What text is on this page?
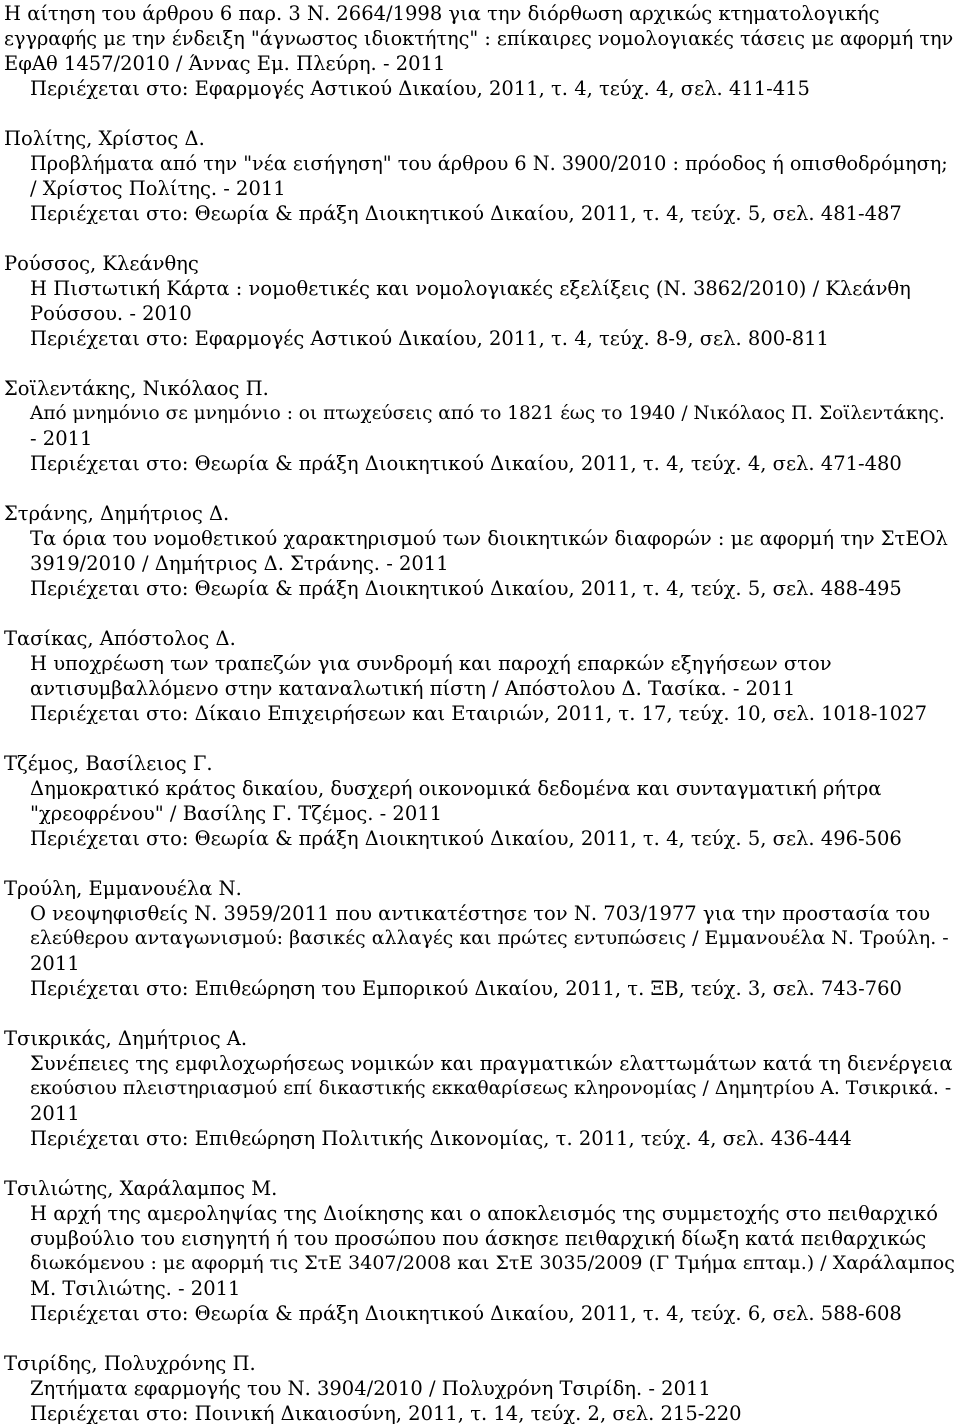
Η αίτηση του άρθρου 6 παρ. 3 Ν. 2664/1998 για την διόρθωση αρχικώς κτηματολογικής
εγγραφής με την ένδειξη "άγνωστος ιδιοκτήτης" : επίκαιρες νομολογιακές τάσεις με αφορμή την
ΕφΑθ 1457/2010 / Άννας Εμ. Πλεύρη. - 2011
Περιέχεται στο: Εφαρμογές Αστικού Δικαίου, 2011, τ. 4, τεύχ. 4, σελ. 411-415
Πολίτης, Χρίστος Δ.
Προβλήματα από την "νέα εισήγηση" του άρθρου 6 Ν. 3900/2010 : πρόοδος ή οπισθοδρόμηση;
/ Χρίστος Πολίτης. - 2011
Περιέχεται στο: Θεωρία & πράξη Διοικητικού Δικαίου, 2011, τ. 4, τεύχ. 5, σελ. 481-487
Ρούσσος, Κλεάνθης
Η Πιστωτική Κάρτα : νομοθετικές και νομολογιακές εξελίξεις (Ν. 3862/2010) / Κλεάνθη
Ρούσσου. - 2010
Περιέχεται στο: Εφαρμογές Αστικού Δικαίου, 2011, τ. 4, τεύχ. 8-9, σελ. 800-811
Σοϊλεντάκης, Νικόλαος Π.
Από μνημόνιο σε μνημόνιο : οι πτωχεύσεις από το 1821 έως το 1940 / Νικόλαος Π. Σοϊλεντάκης.
- 2011
Περιέχεται στο: Θεωρία & πράξη Διοικητικού Δικαίου, 2011, τ. 4, τεύχ. 4, σελ. 471-480
Στράνης, Δημήτριος Δ.
Τα όρια του νομοθετικού χαρακτηρισμού των διοικητικών διαφορών : με αφορμή την ΣτΕΟλ
3919/2010 / Δημήτριος Δ. Στράνης. - 2011
Περιέχεται στο: Θεωρία & πράξη Διοικητικού Δικαίου, 2011, τ. 4, τεύχ. 5, σελ. 488-495
Τασίκας, Απόστολος Δ.
Η υποχρέωση των τραπεζών για συνδρομή και παροχή επαρκών εξηγήσεων στον
αντισυμβαλλόμενο στην καταναλωτική πίστη / Απόστολου Δ. Τασίκα. - 2011
Περιέχεται στο: Δίκαιο Επιχειρήσεων και Εταιριών, 2011, τ. 17, τεύχ. 10, σελ. 1018-1027
Τζέμος, Βασίλειος Γ.
Δημοκρατικό κράτος δικαίου, δυσχερή οικονομικά δεδομένα και συνταγματική ρήτρα
"χρεοφρένου" / Βασίλης Γ. Τζέμος. - 2011
Περιέχεται στο: Θεωρία & πράξη Διοικητικού Δικαίου, 2011, τ. 4, τεύχ. 5, σελ. 496-506
Τρούλη, Εμμανουέλα Ν.
Ο νεοψηφισθείς Ν. 3959/2011 που αντικατέστησε τον Ν. 703/1977 για την προστασία του
ελεύθερου ανταγωνισμού: βασικές αλλαγές και πρώτες εντυπώσεις / Εμμανουέλα Ν. Τρούλη. -
2011
Περιέχεται στο: Επιθεώρηση του Εμπορικού Δικαίου, 2011, τ. ΞΒ, τεύχ. 3, σελ. 743-760
Τσικρικάς, Δημήτριος Α.
Συνέπειες της εμφιλοχωρήσεως νομικών και πραγματικών ελαττωμάτων κατά τη διενέργεια
εκούσιου πλειστηριασμού επί δικαστικής εκκαθαρίσεως κληρονομίας / Δημητρίου Α. Τσικρικά. -
2011
Περιέχεται στο: Επιθεώρηση Πολιτικής Δικονομίας, τ. 2011, τεύχ. 4, σελ. 436-444
Τσιλιώτης, Χαράλαμπος Μ.
Η αρχή της αμεροληψίας της Διοίκησης και ο αποκλεισμός της συμμετοχής στο πειθαρχικό
συμβούλιο του εισηγητή ή του προσώπου που άσκησε πειθαρχική δίωξη κατά πειθαρχικώς
διωκόμενου : με αφορμή τις ΣτΕ 3407/2008 και ΣτΕ 3035/2009 (Γ Τμήμα επταμ.) / Χαράλαμπος
Μ. Τσιλιώτης. - 2011
Περιέχεται στο: Θεωρία & πράξη Διοικητικού Δικαίου, 2011, τ. 4, τεύχ. 6, σελ. 588-608
Τσιρίδης, Πολυχρόνης Π.
Ζητήματα εφαρμογής του Ν. 3904/2010 / Πολυχρόνη Τσιρίδη. - 2011
Περιέχεται στο: Ποινική Δικαιοσύνη, 2011, τ. 14, τεύχ. 2, σελ. 215-220
